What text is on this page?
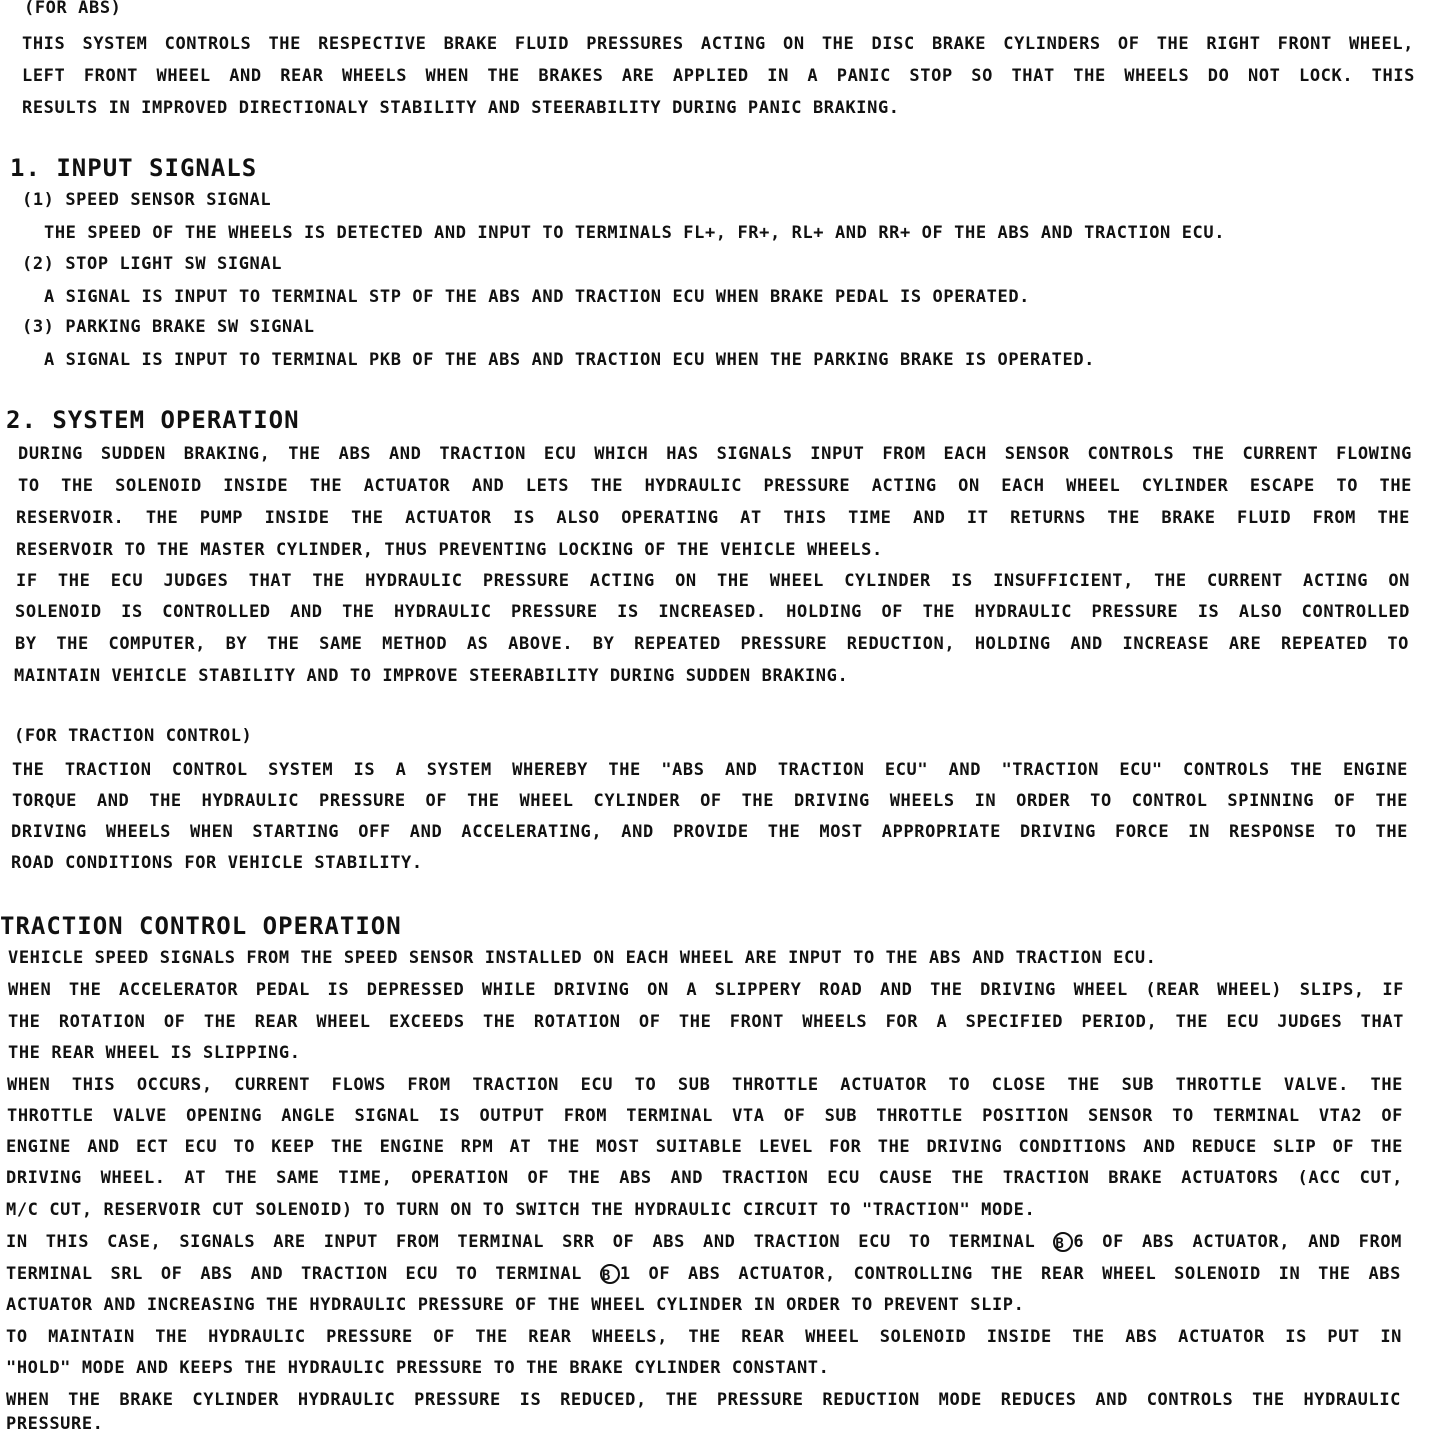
(FOR ABS)

THIS SYSTEM CONTROLS THE RESPECTIVE BRAKE FLUID PRESSURES ACTING ON THE DISC BRAKE CYLINDERS OF THE RIGHT FRONT WHEEL,

LEFT FRONT WHEEL AND REAR WHEELS WHEN THE BRAKES ARE APPLIED IN A PANIC STOP SO THAT THE WHEELS DO NOT LOCK. THIS

RESULTS IN IMPROVED DIRECTIONALY STABILITY AND STEERABILITY DURING PANIC BRAKING.

1. INPUT SIGNALS

(1) SPEED SENSOR SIGNAL

THE SPEED OF THE WHEELS IS DETECTED AND INPUT TO TERMINALS FL+, FR+, RL+ AND RR+ OF THE ABS AND TRACTION ECU.

(2) STOP LIGHT SW SIGNAL

A SIGNAL IS INPUT TO TERMINAL STP OF THE ABS AND TRACTION ECU WHEN BRAKE PEDAL IS OPERATED.

(3) PARKING BRAKE SW SIGNAL

A SIGNAL IS INPUT TO TERMINAL PKB OF THE ABS AND TRACTION ECU WHEN THE PARKING BRAKE IS OPERATED.

2. SYSTEM OPERATION

DURING SUDDEN BRAKING, THE ABS AND TRACTION ECU WHICH HAS SIGNALS INPUT FROM EACH SENSOR CONTROLS THE CURRENT FLOWING

TO THE SOLENOID INSIDE THE ACTUATOR AND LETS THE HYDRAULIC PRESSURE ACTING ON EACH WHEEL CYLINDER ESCAPE TO THE

RESERVOIR. THE PUMP INSIDE THE ACTUATOR IS ALSO OPERATING AT THIS TIME AND IT RETURNS THE BRAKE FLUID FROM THE

RESERVOIR TO THE MASTER CYLINDER, THUS PREVENTING LOCKING OF THE VEHICLE WHEELS.

IF THE ECU JUDGES THAT THE HYDRAULIC PRESSURE ACTING ON THE WHEEL CYLINDER IS INSUFFICIENT, THE CURRENT ACTING ON

SOLENOID IS CONTROLLED AND THE HYDRAULIC PRESSURE IS INCREASED. HOLDING OF THE HYDRAULIC PRESSURE IS ALSO CONTROLLED

BY THE COMPUTER, BY THE SAME METHOD AS ABOVE. BY REPEATED PRESSURE REDUCTION, HOLDING AND INCREASE ARE REPEATED TO

MAINTAIN VEHICLE STABILITY AND TO IMPROVE STEERABILITY DURING SUDDEN BRAKING.

(FOR TRACTION CONTROL)

THE TRACTION CONTROL SYSTEM IS A SYSTEM WHEREBY THE "ABS AND TRACTION ECU" AND "TRACTION ECU" CONTROLS THE ENGINE

TORQUE AND THE HYDRAULIC PRESSURE OF THE WHEEL CYLINDER OF THE DRIVING WHEELS IN ORDER TO CONTROL SPINNING OF THE

DRIVING WHEELS WHEN STARTING OFF AND ACCELERATING, AND PROVIDE THE MOST APPROPRIATE DRIVING FORCE IN RESPONSE TO THE

ROAD CONDITIONS FOR VEHICLE STABILITY.

TRACTION CONTROL OPERATION

VEHICLE SPEED SIGNALS FROM THE SPEED SENSOR INSTALLED ON EACH WHEEL ARE INPUT TO THE ABS AND TRACTION ECU.

WHEN THE ACCELERATOR PEDAL IS DEPRESSED WHILE DRIVING ON A SLIPPERY ROAD AND THE DRIVING WHEEL (REAR WHEEL) SLIPS, IF

THE ROTATION OF THE REAR WHEEL EXCEEDS THE ROTATION OF THE FRONT WHEELS FOR A SPECIFIED PERIOD, THE ECU JUDGES THAT

THE REAR WHEEL IS SLIPPING.

WHEN THIS OCCURS, CURRENT FLOWS FROM TRACTION ECU TO SUB THROTTLE ACTUATOR TO CLOSE THE SUB THROTTLE VALVE. THE

THROTTLE VALVE OPENING ANGLE SIGNAL IS OUTPUT FROM TERMINAL VTA OF SUB THROTTLE POSITION SENSOR TO TERMINAL VTA2 OF

ENGINE AND ECT ECU TO KEEP THE ENGINE RPM AT THE MOST SUITABLE LEVEL FOR THE DRIVING CONDITIONS AND REDUCE SLIP OF THE

DRIVING WHEEL. AT THE SAME TIME, OPERATION OF THE ABS AND TRACTION ECU CAUSE THE TRACTION BRAKE ACTUATORS (ACC CUT,

M/C CUT, RESERVOIR CUT SOLENOID) TO TURN ON TO SWITCH THE HYDRAULIC CIRCUIT TO "TRACTION" MODE.

IN THIS CASE, SIGNALS ARE INPUT FROM TERMINAL SRR OF ABS AND TRACTION ECU TO TERMINAL B 6 OF ABS ACTUATOR, AND FROM

TERMINAL SRL OF ABS AND TRACTION ECU TO TERMINAL B 1 OF ABS ACTUATOR, CONTROLLING THE REAR WHEEL SOLENOID IN THE ABS

ACTUATOR AND INCREASING THE HYDRAULIC PRESSURE OF THE WHEEL CYLINDER IN ORDER TO PREVENT SLIP.

TO MAINTAIN THE HYDRAULIC PRESSURE OF THE REAR WHEELS, THE REAR WHEEL SOLENOID INSIDE THE ABS ACTUATOR IS PUT IN

"HOLD" MODE AND KEEPS THE HYDRAULIC PRESSURE TO THE BRAKE CYLINDER CONSTANT.

WHEN THE BRAKE CYLINDER HYDRAULIC PRESSURE IS REDUCED, THE PRESSURE REDUCTION MODE REDUCES AND CONTROLS THE HYDRAULIC

PRESSURE.
